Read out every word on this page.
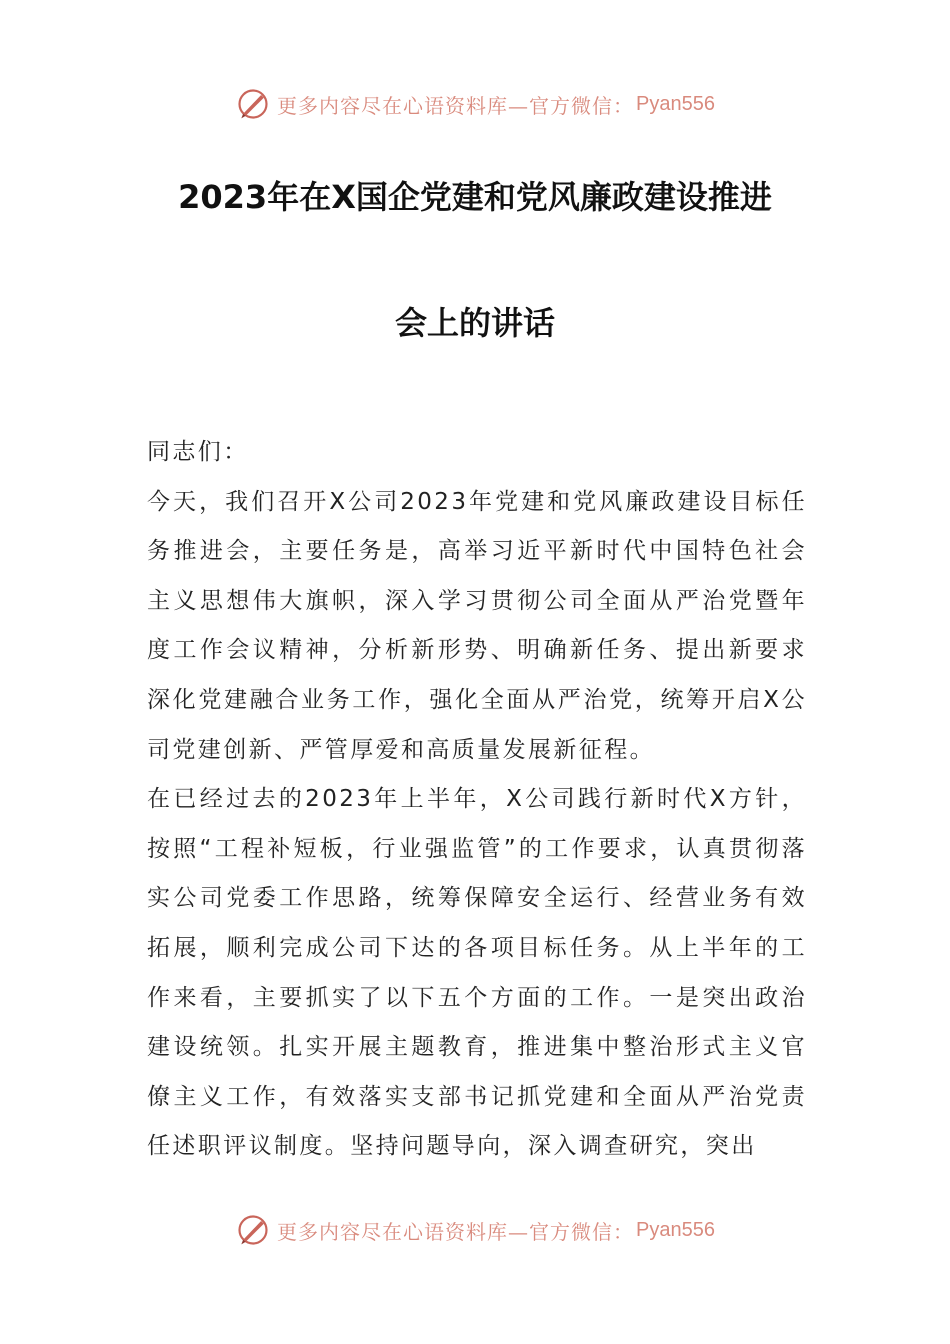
更多内容尽在心语资料库—官方微信： Pyan556
2023年在X国企党建和党风廉政建设推进
会上的讲话

同志们：

今天，我们召开X公司2023年党建和党风廉政建设目标任务推进会，主要任务是，高举习近平新时代中国特色社会主义思想伟大旗帜，深入学习贯彻公司全面从严治党暨年度工作会议精神，分析新形势、明确新任务、提出新要求深化党建融合业务工作，强化全面从严治党，统筹开启X公司党建创新、严管厚爱和高质量发展新征程。

在已经过去的2023年上半年，X公司践行新时代X方针，按照“工程补短板，行业强监管”的工作要求，认真贯彻落实公司党委工作思路，统筹保障安全运行、经营业务有效拓展，顺利完成公司下达的各项目标任务。从上半年的工作来看，主要抓实了以下五个方面的工作。一是突出政治建设统领。扎实开展主题教育，推进集中整治形式主义官僚主义工作，有效落实支部书记抓党建和全面从严治党责任述职评议制度。坚持问题导向，深入调查研究，突出

更多内容尽在心语资料库—官方微信： Pyan556
